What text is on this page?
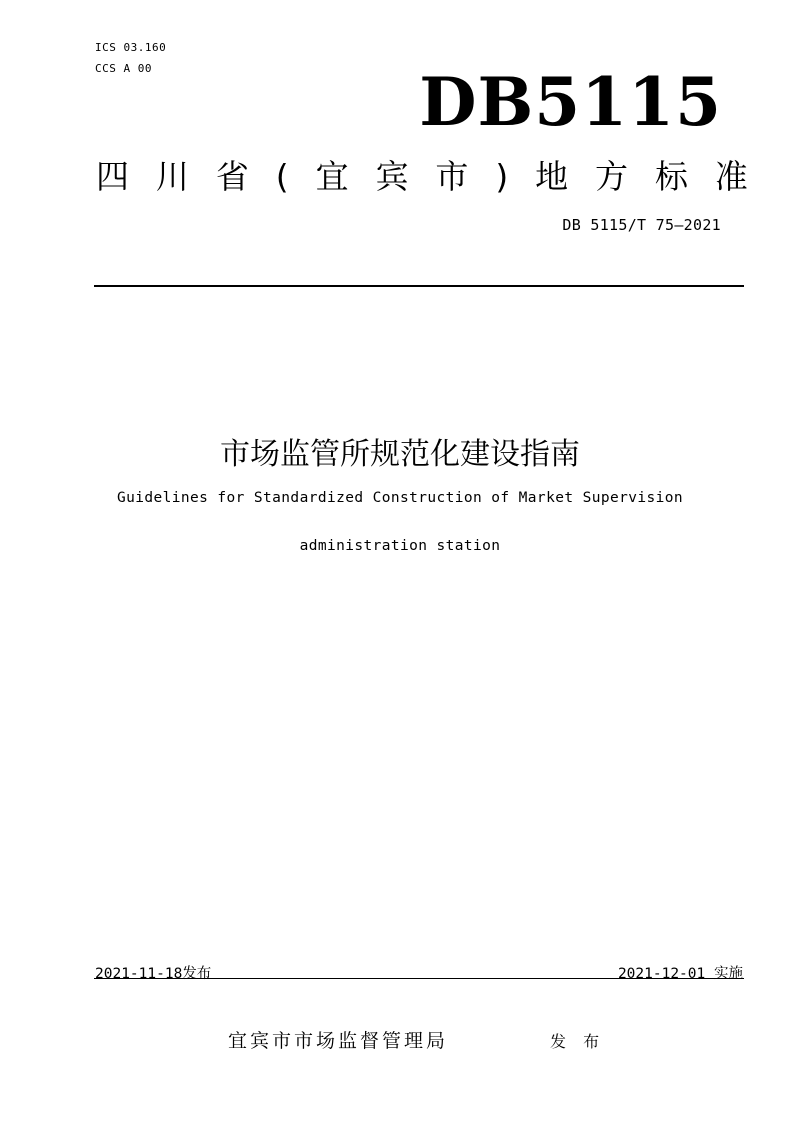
ICS 03.160
CCS A 00	DB5115
四 川 省 ( 宜 宾 市 ) 地 方 标 准
DB 5115/T 75—2021
市场监管所规范化建设指南
Guidelines for Standardized Construction of Market Supervision
administration station
2021-11-18发布	2021-12-01  实施
宜宾市市场监督管理局	发 布
